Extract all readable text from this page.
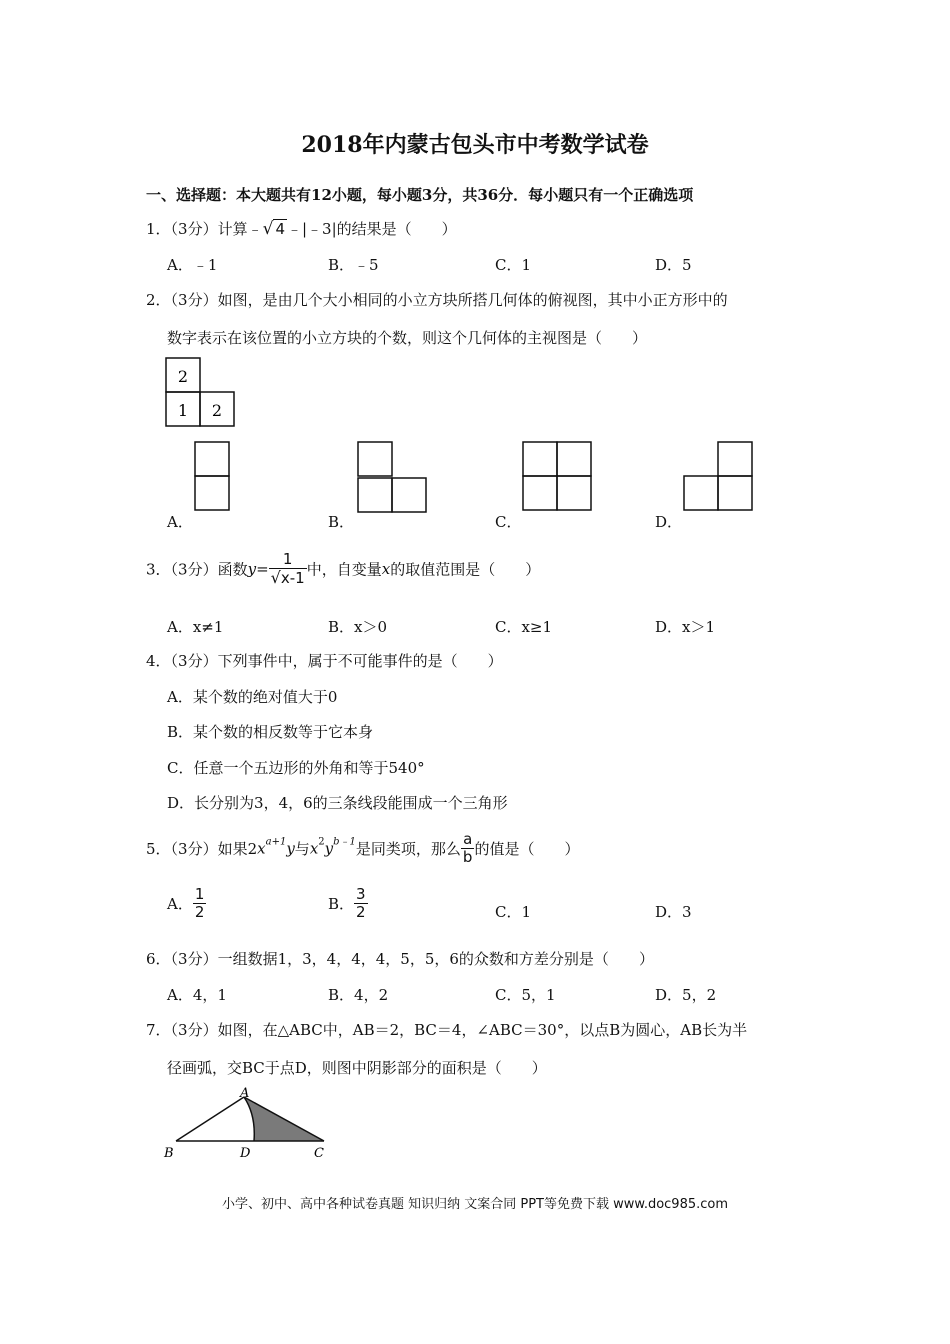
2018年内蒙古包头市中考数学试卷
一、选择题：本大题共有12小题，每小题3分，共36分．每小题只有一个正确选项
1．（3分）计算﹣√ 4 ﹣|﹣3|的结果是（　　）
A．﹣1	B．﹣5	C．1	D．5
2．（3分）如图，是由几个大小相同的小立方块所搭几何体的俯视图，其中小正方形中的
数字表示在该位置的小立方块的个数，则这个几何体的主视图是（　　）
2
1 2
A．	B．	C．	D．
3．（3分）函数$y= \frac{1}{√x-1}$ 中，自变量x的取值范围是（　　）
A．x≠1	B．x＞0	C．x≥1	D．x＞1
4．（3分）下列事件中，属于不可能事件的是（　　）
A．某个数的绝对值大于0
B．某个数的相反数等于它本身
C．任意一个五边形的外角和等于540°
D．长分别为3，4，6的三条线段能围成一个三角形
5．（3分）如果$2x^{a+1}y$与$x^2y^{b﹣1}$是同类项，那么 $\frac{a}{b}$ 的值是（　　）
A． $\frac{1}{2}$	B． $\frac{3}{2}$	C．1	D．3
6．（3分）一组数据1，3，4，4，4，5，5，6的众数和方差分别是（　　）
A．4，1	B．4，2	C．5，1	D．5，2
7．（3分）如图，在△ABC中，AB＝2，BC＝4，∠ABC＝30°，以点B为圆心，AB长为半
径画弧，交BC于点D，则图中阴影部分的面积是（　　）
A
B	D	C
小学、初中、高中各种试卷真题 知识归纳 文案合同 PPT等免费下载 www.doc985.com
